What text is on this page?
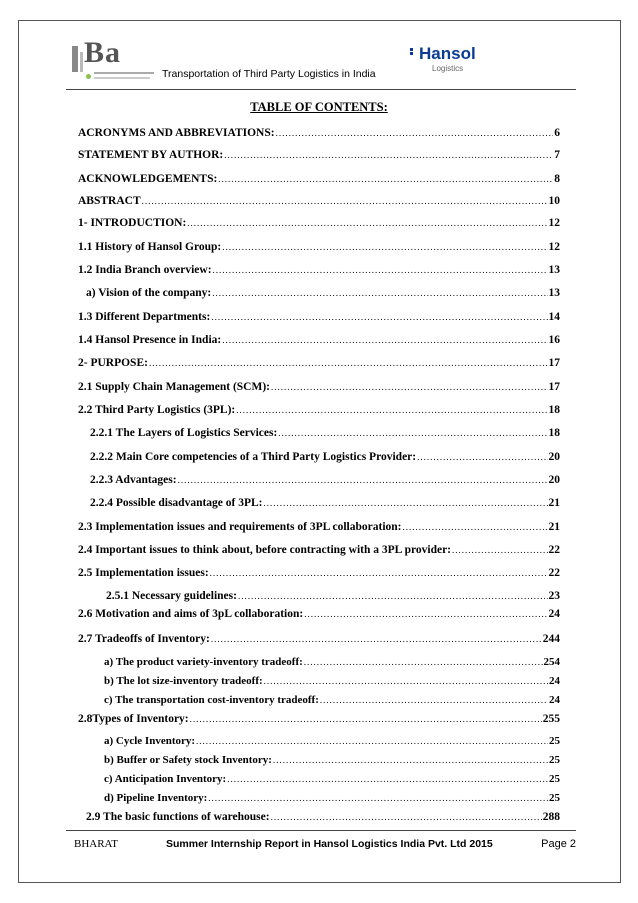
Ba
Transportation of Third Party Logistics in India
Hansol
Logistics
TABLE OF CONTENTS:
ACRONYMS AND ABBREVIATIONS: .....	6
STATEMENT BY AUTHOR: .....	7
ACKNOWLEDGEMENTS: .....	8
ABSTRACT .....	10
1- INTRODUCTION: .....	12
1.1 History of Hansol Group: .....	12
1.2 India Branch overview: .....	13
a) Vision of the company: .....	13
1.3 Different Departments: .....	14
1.4 Hansol Presence in India: .....	16
2- PURPOSE: .....	17
2.1 Supply Chain Management (SCM): .....	17
2.2 Third Party Logistics (3PL): .....	18
2.2.1 The Layers of Logistics Services: .....	18
2.2.2 Main Core competencies of a Third Party Logistics Provider: .....	20
2.2.3 Advantages: .....	20
2.2.4 Possible disadvantage of 3PL: .....	21
2.3 Implementation issues and requirements of 3PL collaboration: .....	21
2.4 Important issues to think about, before contracting with a 3PL provider: .....	22
2.5 Implementation issues: .....	22
2.5.1 Necessary guidelines: .....	23
2.6 Motivation and aims of 3pL collaboration: .....	24
2.7 Tradeoffs of Inventory: .....	244
a) The product variety-inventory tradeoff: .....	254
b) The lot size-inventory tradeoff: .....	24
c) The transportation cost-inventory tradeoff: .....	24
2.8Types of Inventory: .....	255
a) Cycle Inventory: .....	25
b) Buffer or Safety stock Inventory: .....	25
c) Anticipation Inventory: .....	25
d) Pipeline Inventory: .....	25
2.9 The basic functions of warehouse: .....	288
BHARAT	Summer Internship Report in Hansol Logistics India Pvt. Ltd 2015	Page 2
